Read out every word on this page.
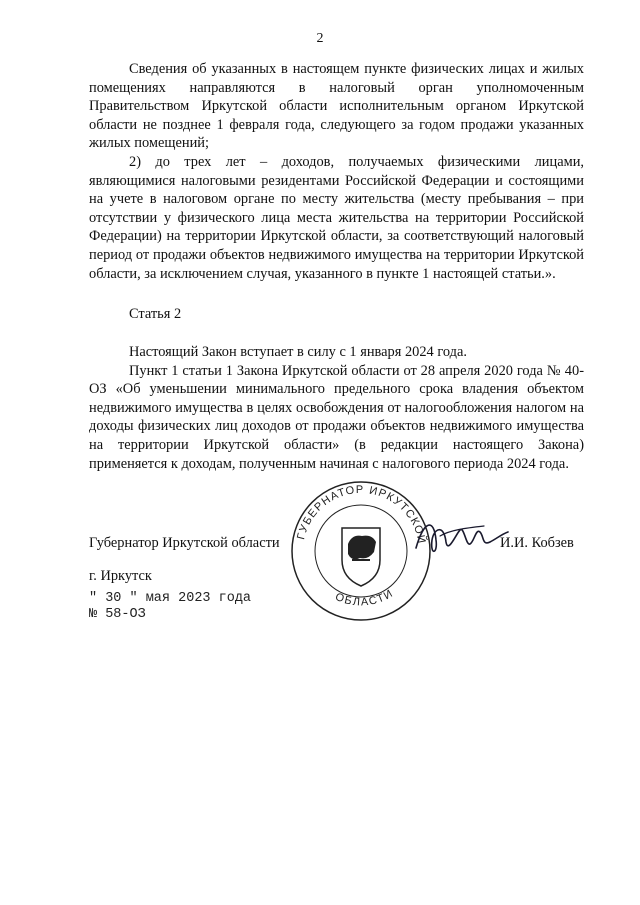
2

Сведения об указанных в настоящем пункте физических лицах и жилых помещениях направляются в налоговый орган уполномоченным Правительством Иркутской области исполнительным органом Иркутской области не позднее 1 февраля года, следующего за годом продажи указанных жилых помещений;

2) до трех лет – доходов, получаемых физическими лицами, являющимися налоговыми резидентами Российской Федерации и состоящими на учете в налоговом органе по месту жительства (месту пребывания – при отсутствии у физического лица места жительства на территории Российской Федерации) на территории Иркутской области, за соответствующий налоговый период от продажи объектов недвижимого имущества на территории Иркутской области, за исключением случая, указанного в пункте 1 настоящей статьи.».

Статья 2

Настоящий Закон вступает в силу с 1 января 2024 года.

Пункт 1 статьи 1 Закона Иркутской области от 28 апреля 2020 года № 40-ОЗ «Об уменьшении минимального предельного срока владения объектом недвижимого имущества в целях освобождения от налогообложения налогом на доходы физических лиц доходов от продажи объектов недвижимого имущества на территории Иркутской области» (в редакции настоящего Закона) применяется к доходам, полученным начиная с налогового периода 2024 года.

Губернатор Иркутской области ГУБЕРНАТОР ИРКУТСКОЙ
ОБЛАСТИ
И.И. Кобзев
г. Иркутск
" 30 " мая 2023 года
№ 58-ОЗ
